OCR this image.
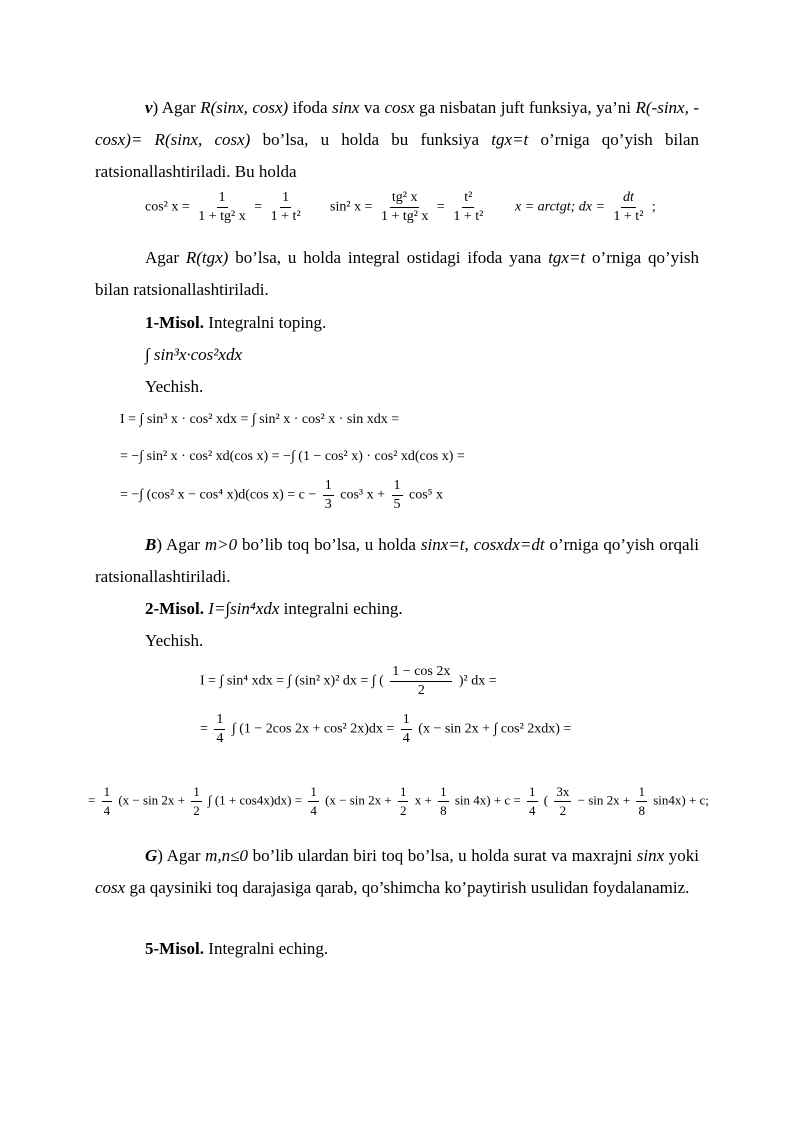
v) Agar R(sinx, cosx) ifoda sinx va cosx ga nisbatan juft funksiya, ya’ni R(-sinx, -cosx)= R(sinx, cosx) bo’lsa, u holda bu funksiya tgx=t o’rniga qo’yish bilan ratsionallashtiriladi. Bu holda
cos² $x = \frac{1}{\text{1 + tg² x}} = \frac{1}{\text{1 + t²}} \sin^2$ $x = \frac{\text{tg² x}}{\text{1 + tg² x}} = \frac{\text{t²}}{\text{1 + t²}}$ x = arctgt; dx = $\frac{dt}{\text{1 + t²}}$ ;
Agar R(tgx) bo’lsa, u holda integral ostidagi ifoda yana tgx=t o’rniga qo’yish bilan ratsionallashtiriladi.
1-Misol. Integralni toping.
∫ sin³x·cos²xdx
Yechish.
I = ∫ sin³ x · cos² xdx = ∫ sin² x · cos² x · sin xdx =
= −∫ sin² x · cos² xd(cos x) = −∫ (1 − cos² x) · cos² xd(cos x) =
= −∫ (cos² x − cos⁴ x)d(cos $x) = c - \frac{1}{3} \cos^3$ $x + \frac{1}{5} \cos^5$ x
B) Agar m>0 bo’lib toq bo’lsa, u holda sinx=t, cosxdx=dt o’rniga qo’yish orqali ratsionallashtiriladi.
2-Misol. I=∫sin⁴xdx integralni eching.
Yechish.
I = ∫ sin⁴ xdx = ∫ (sin² x)² dx = ∫ ( $\frac{1 - \cos 2x}{2} )^2$ dx =
= $\frac{1}{4}$ ∫ (1 − 2cos 2x + cos² $2x)dx = \frac{1}{4} (x - \sin 2x$ + ∫ cos² 2xdx) =
= $\frac{1}{4} (x - \sin 2x + \frac{1}{2}$ ∫ $(1 + \cos 4x)dx) = \frac{1}{4} (x - \sin 2x + \frac{1}{2}$ $x + \frac{1}{8}$ $\sin 4x) + c = \frac{1}{4}$ ( $\frac{3x}{2} - \sin 2x + \frac{1}{8} \sin 4x) + c$;
G) Agar m,n≤0 bo’lib ulardan biri toq bo’lsa, u holda surat va maxrajni sinx yoki cosx ga qaysiniki toq darajasiga qarab, qo’shimcha ko’paytirish usulidan foydalanamiz.
5-Misol. Integralni eching.
